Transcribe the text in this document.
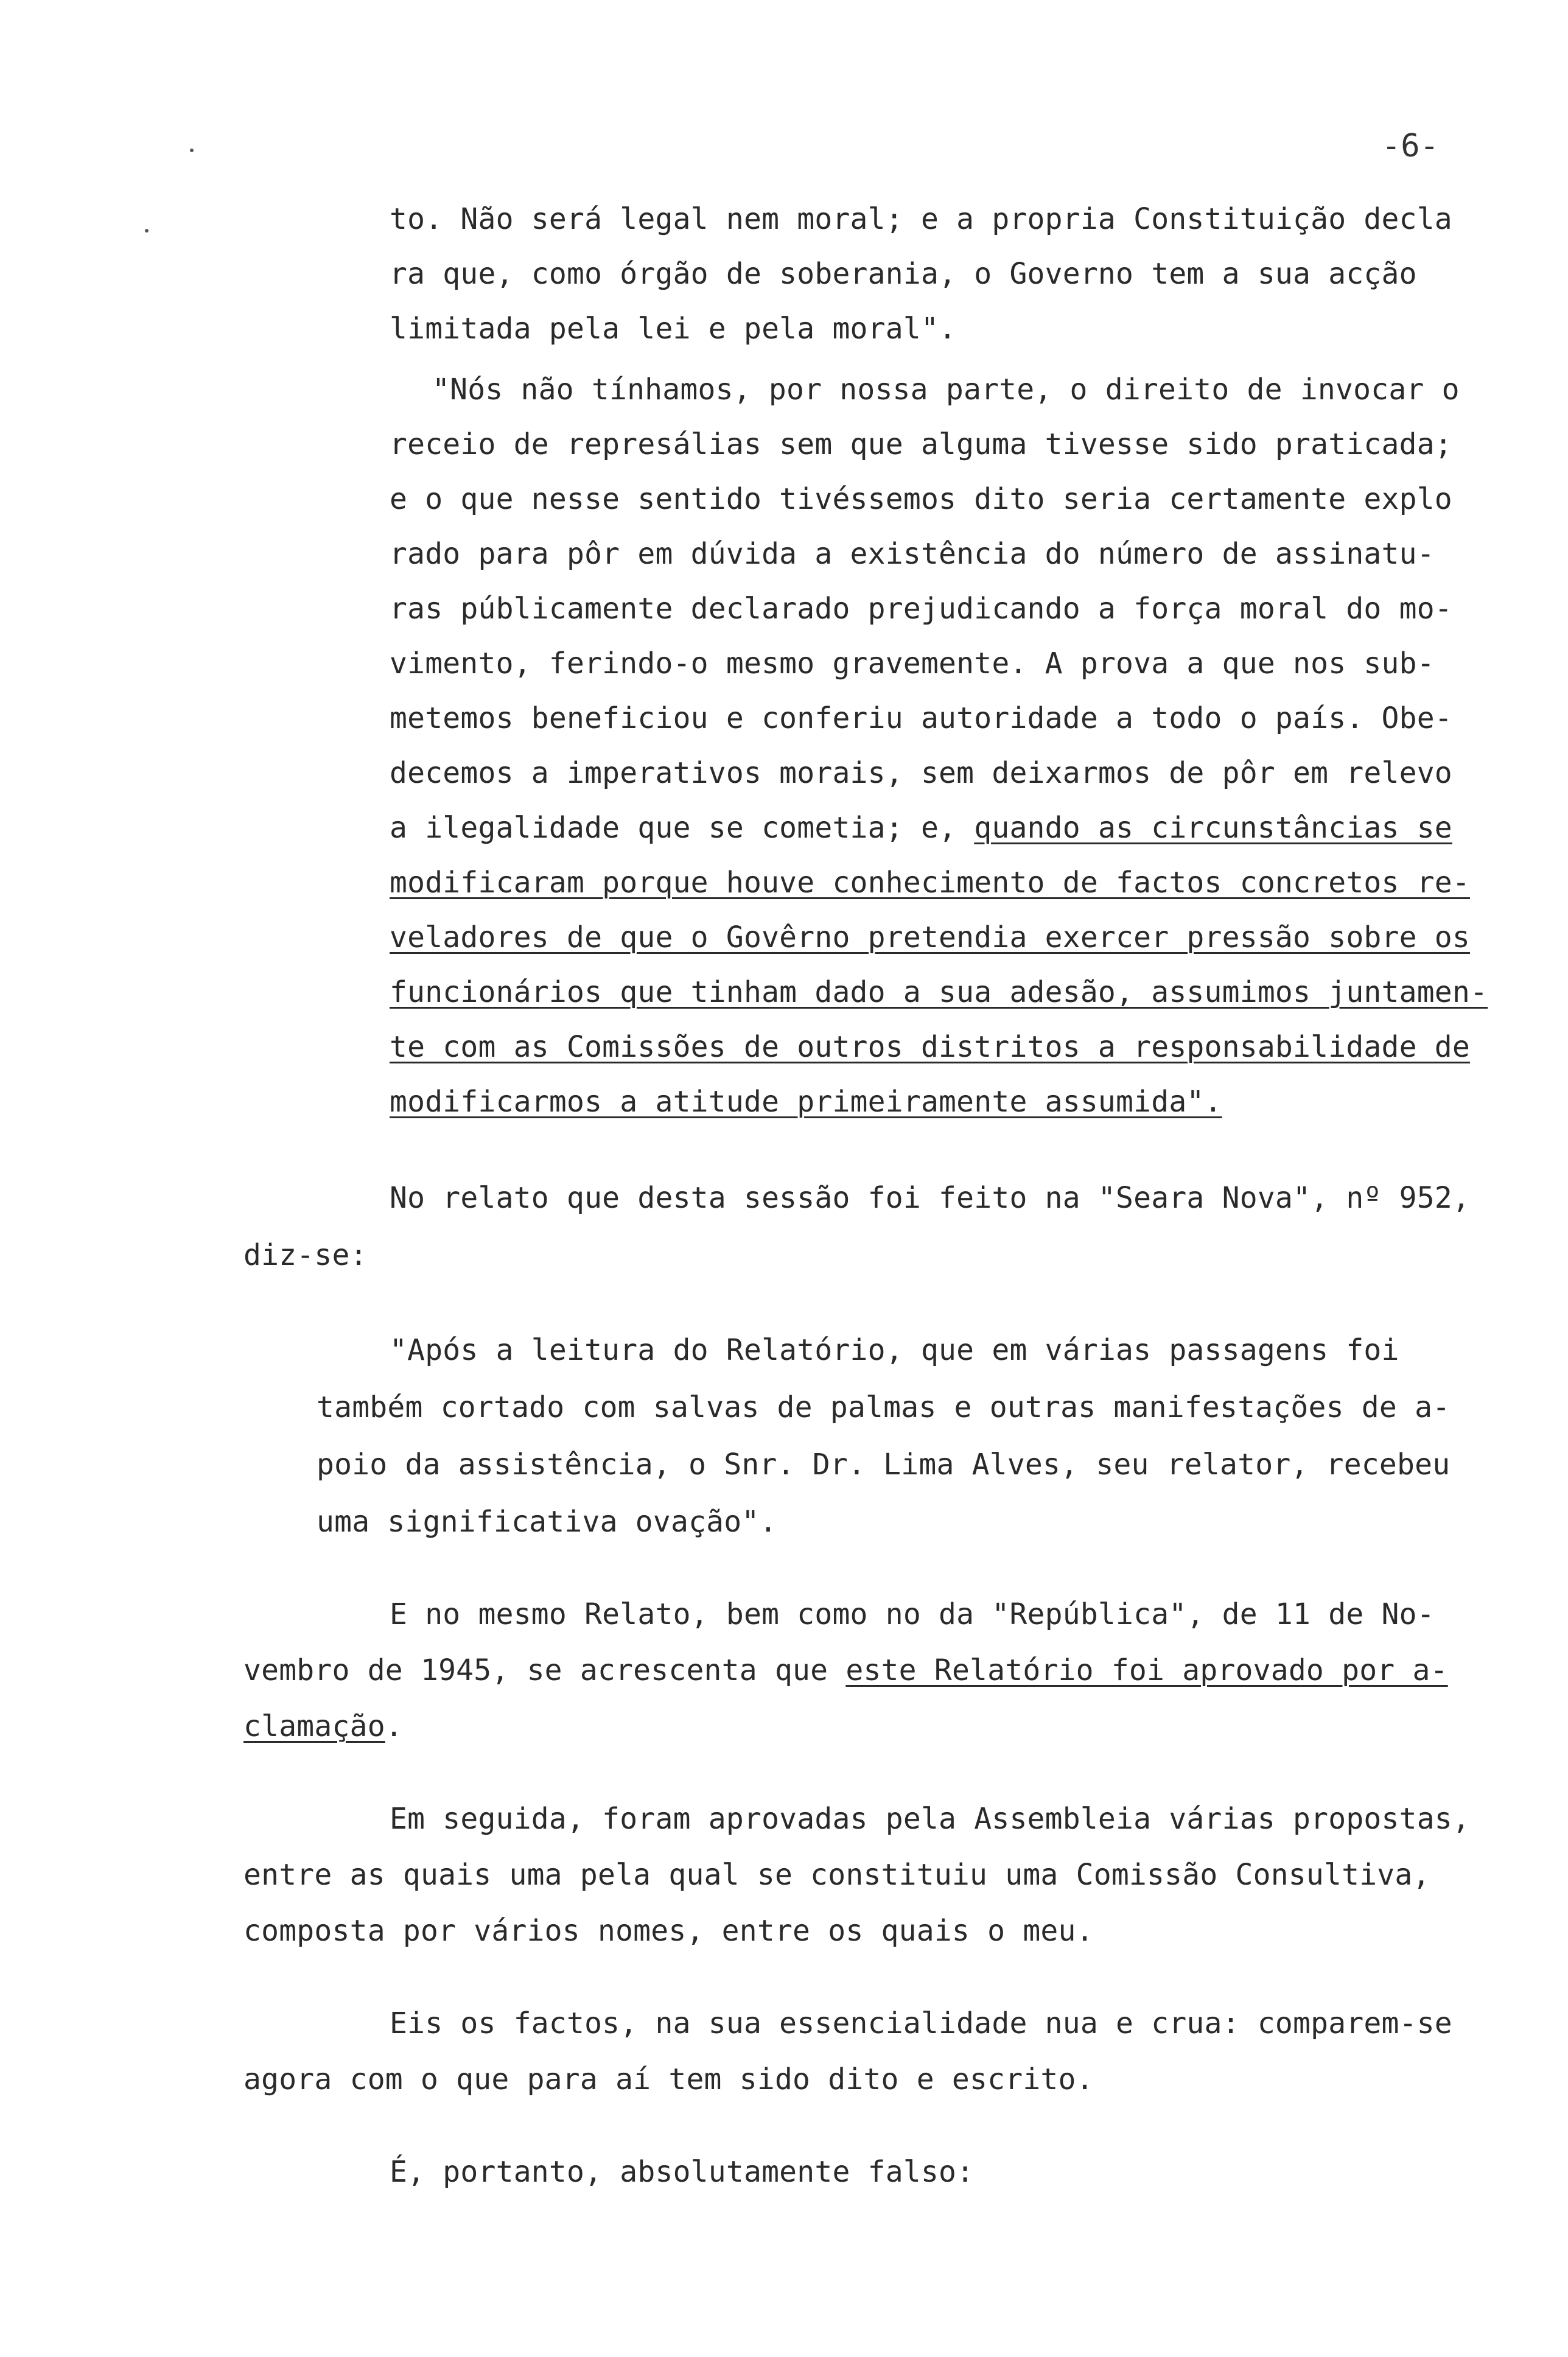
-6-
to. Não será legal nem moral; e a propria Constituição decla
ra que, como órgão de soberania, o Governo tem a sua acção
limitada pela lei e pela moral".
"Nós não tínhamos, por nossa parte, o direito de invocar o
receio de represálias sem que alguma tivesse sido praticada;
e o que nesse sentido tivéssemos dito seria certamente explo
rado para pôr em dúvida a existência do número de assinatu-
ras públicamente declarado prejudicando a força moral do mo-
vimento, ferindo-o mesmo gravemente. A prova a que nos sub-
metemos beneficiou e conferiu autoridade a todo o país. Obe-
decemos a imperativos morais, sem deixarmos de pôr em relevo
a ilegalidade que se cometia; e, quando as circunstâncias se
modificaram porque houve conhecimento de factos concretos re-
veladores de que o Govêrno pretendia exercer pressão sobre os
funcionários que tinham dado a sua adesão, assumimos juntamen-
te com as Comissões de outros distritos a responsabilidade de
modificarmos a atitude primeiramente assumida".
No relato que desta sessão foi feito na "Seara Nova", nº 952,
diz-se:
"Após a leitura do Relatório, que em várias passagens foi
também cortado com salvas de palmas e outras manifestações de a-
poio da assistência, o Snr. Dr. Lima Alves, seu relator, recebeu
uma significativa ovação".
E no mesmo Relato, bem como no da "República", de 11 de No-
vembro de 1945, se acrescenta que este Relatório foi aprovado por a-
clamação.
Em seguida, foram aprovadas pela Assembleia várias propostas,
entre as quais uma pela qual se constituiu uma Comissão Consultiva,
composta por vários nomes, entre os quais o meu.
Eis os factos, na sua essencialidade nua e crua: comparem-se
agora com o que para aí tem sido dito e escrito.
É, portanto, absolutamente falso:
